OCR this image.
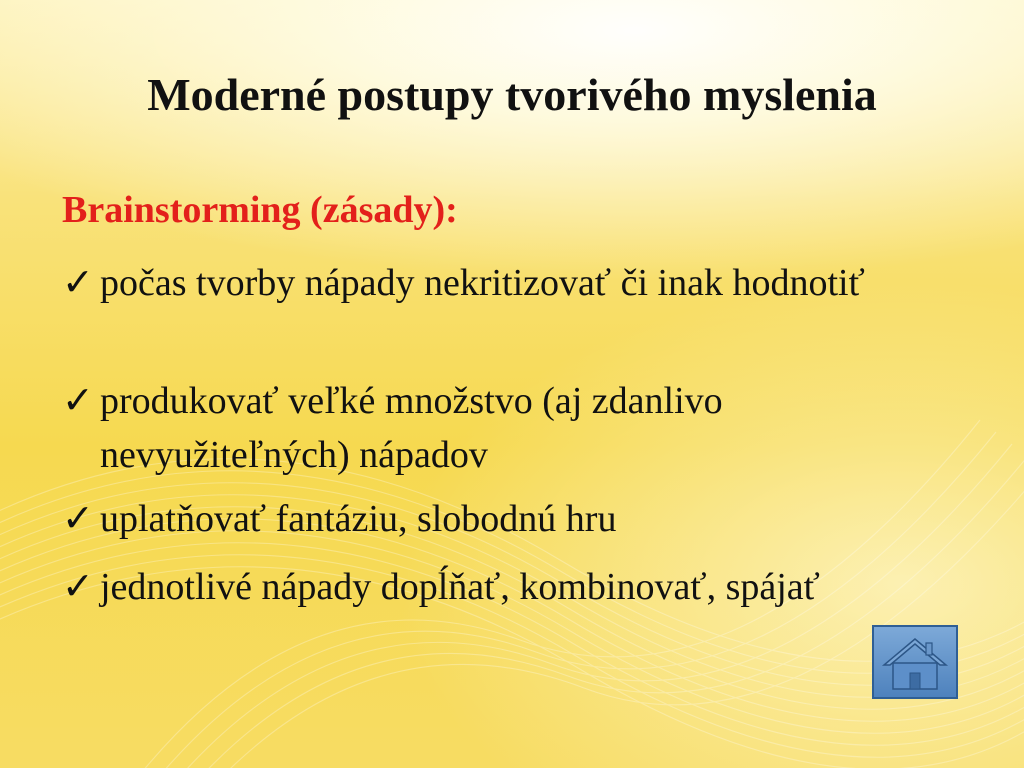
Moderné postupy tvorivého myslenia
Brainstorming (zásady):
✓ počas tvorby nápady nekritizovať či inak hodnotiť
✓ produkovať veľké množstvo (aj zdanlivo nevyužiteľných) nápadov
✓ uplatňovať fantáziu, slobodnú hru
✓ jednotlivé nápady dopĺňať, kombinovať, spájať
